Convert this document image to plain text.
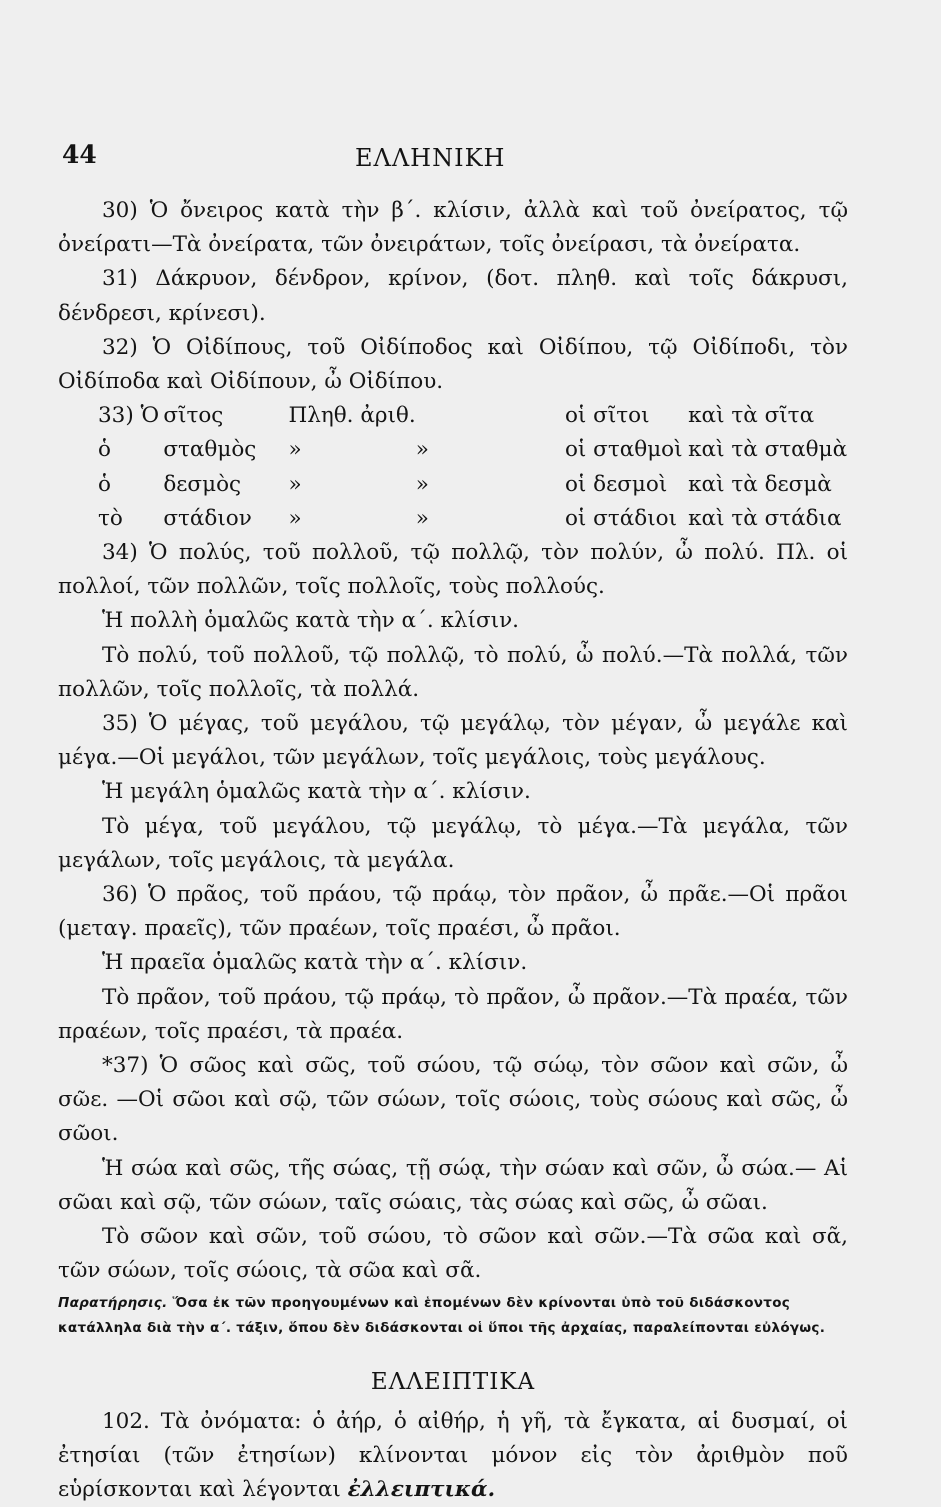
44	ΕΛΛΗΝΙΚΗ

30) Ὁ ὄνειρος κατὰ τὴν β΄. κλίσιν, ἀλλὰ καὶ τοῦ ὀνείρατος, τῷ ὀνείρατι—Τὰ ὀνείρατα, τῶν ὀνειράτων, τοῖς ὀνείρασι, τὰ ὀνείρατα.

31) Δάκρυον, δένδρον, κρίνον, (δοτ. πληθ. καὶ τοῖς δάκρυσι, δένδρεσι, κρίνεσι).

32) Ὁ Οἰδίπους, τοῦ Οἰδίποδος καὶ Οἰδίπου, τῷ Οἰδίποδι, τὸν Οἰδίποδα καὶ Οἰδίπουν, ὦ Οἰδίπου.

33) Ὁ	σῖτος	Πληθ. ἀριθ.		οἱ σῖτοι	καὶ τὰ σῖτα
ὁ	σταθμὸς	»	»	οἱ σταθμοὶ	καὶ τὰ σταθμὰ
ὁ	δεσμὸς	»	»	οἱ δεσμοὶ	καὶ τὰ δεσμὰ
τὸ	στάδιον	»	»	οἱ στάδιοι	καὶ τὰ στάδια

34) Ὁ πολύς, τοῦ πολλοῦ, τῷ πολλῷ, τὸν πολύν, ὦ πολύ. Πλ. οἱ πολλοί, τῶν πολλῶν, τοῖς πολλοῖς, τοὺς πολλούς.

Ἡ πολλὴ ὁμαλῶς κατὰ τὴν α΄. κλίσιν.

Τὸ πολύ, τοῦ πολλοῦ, τῷ πολλῷ, τὸ πολύ, ὦ πολύ.—Τὰ πολλά, τῶν πολλῶν, τοῖς πολλοῖς, τὰ πολλά.

35) Ὁ μέγας, τοῦ μεγάλου, τῷ μεγάλῳ, τὸν μέγαν, ὦ μεγάλε καὶ μέγα.—Οἱ μεγάλοι, τῶν μεγάλων, τοῖς μεγάλοις, τοὺς μεγάλους.

Ἡ μεγάλη ὁμαλῶς κατὰ τὴν α΄. κλίσιν.

Τὸ μέγα, τοῦ μεγάλου, τῷ μεγάλῳ, τὸ μέγα.—Τὰ μεγάλα, τῶν μεγάλων, τοῖς μεγάλοις, τὰ μεγάλα.

36) Ὁ πρᾶος, τοῦ πράου, τῷ πράῳ, τὸν πρᾶον, ὦ πρᾶε.—Οἱ πρᾶοι (μεταγ. πραεῖς), τῶν πραέων, τοῖς πραέσι, ὦ πρᾶοι.

Ἡ πραεῖα ὁμαλῶς κατὰ τὴν α΄. κλίσιν.

Τὸ πρᾶον, τοῦ πράου, τῷ πράῳ, τὸ πρᾶον, ὦ πρᾶον.—Τὰ πραέα, τῶν πραέων, τοῖς πραέσι, τὰ πραέα.

*37) Ὁ σῶος καὶ σῶς, τοῦ σώου, τῷ σώῳ, τὸν σῶον καὶ σῶν, ὦ σῶε. —Οἱ σῶοι καὶ σῷ, τῶν σώων, τοῖς σώοις, τοὺς σώους καὶ σῶς, ὦ σῶοι.

Ἡ σώα καὶ σῶς, τῆς σώας, τῇ σώᾳ, τὴν σώαν καὶ σῶν, ὦ σώα.— Αἱ σῶαι καὶ σῷ, τῶν σώων, ταῖς σώαις, τὰς σώας καὶ σῶς, ὦ σῶαι.

Τὸ σῶον καὶ σῶν, τοῦ σώου, τὸ σῶον καὶ σῶν.—Τὰ σῶα καὶ σᾶ, τῶν σώων, τοῖς σώοις, τὰ σῶα καὶ σᾶ.

Παρατήρησις. Ὅσα ἐκ τῶν προηγουμένων καὶ ἑπομένων δὲν κρίνονται ὑπὸ τοῦ διδάσκοντος κατάλληλα διὰ τὴν α΄. τάξιν, ὅπου δὲν διδάσκονται οἱ ὕποι τῆς ἀρχαίας, παραλείπονται εὐλόγως.

ΕΛΛΕΙΠΤΙΚΑ

102. Τὰ ὀνόματα: ὁ ἀήρ, ὁ αἰθήρ, ἡ γῆ, τὰ ἔγκατα, αἱ δυσμαί, οἱ ἐτησίαι (τῶν ἐτησίων) κλίνονται μόνον εἰς τὸν ἀριθμὸν ποῦ εὑρίσκονται καὶ λέγονται ἐλλειπτικά.
